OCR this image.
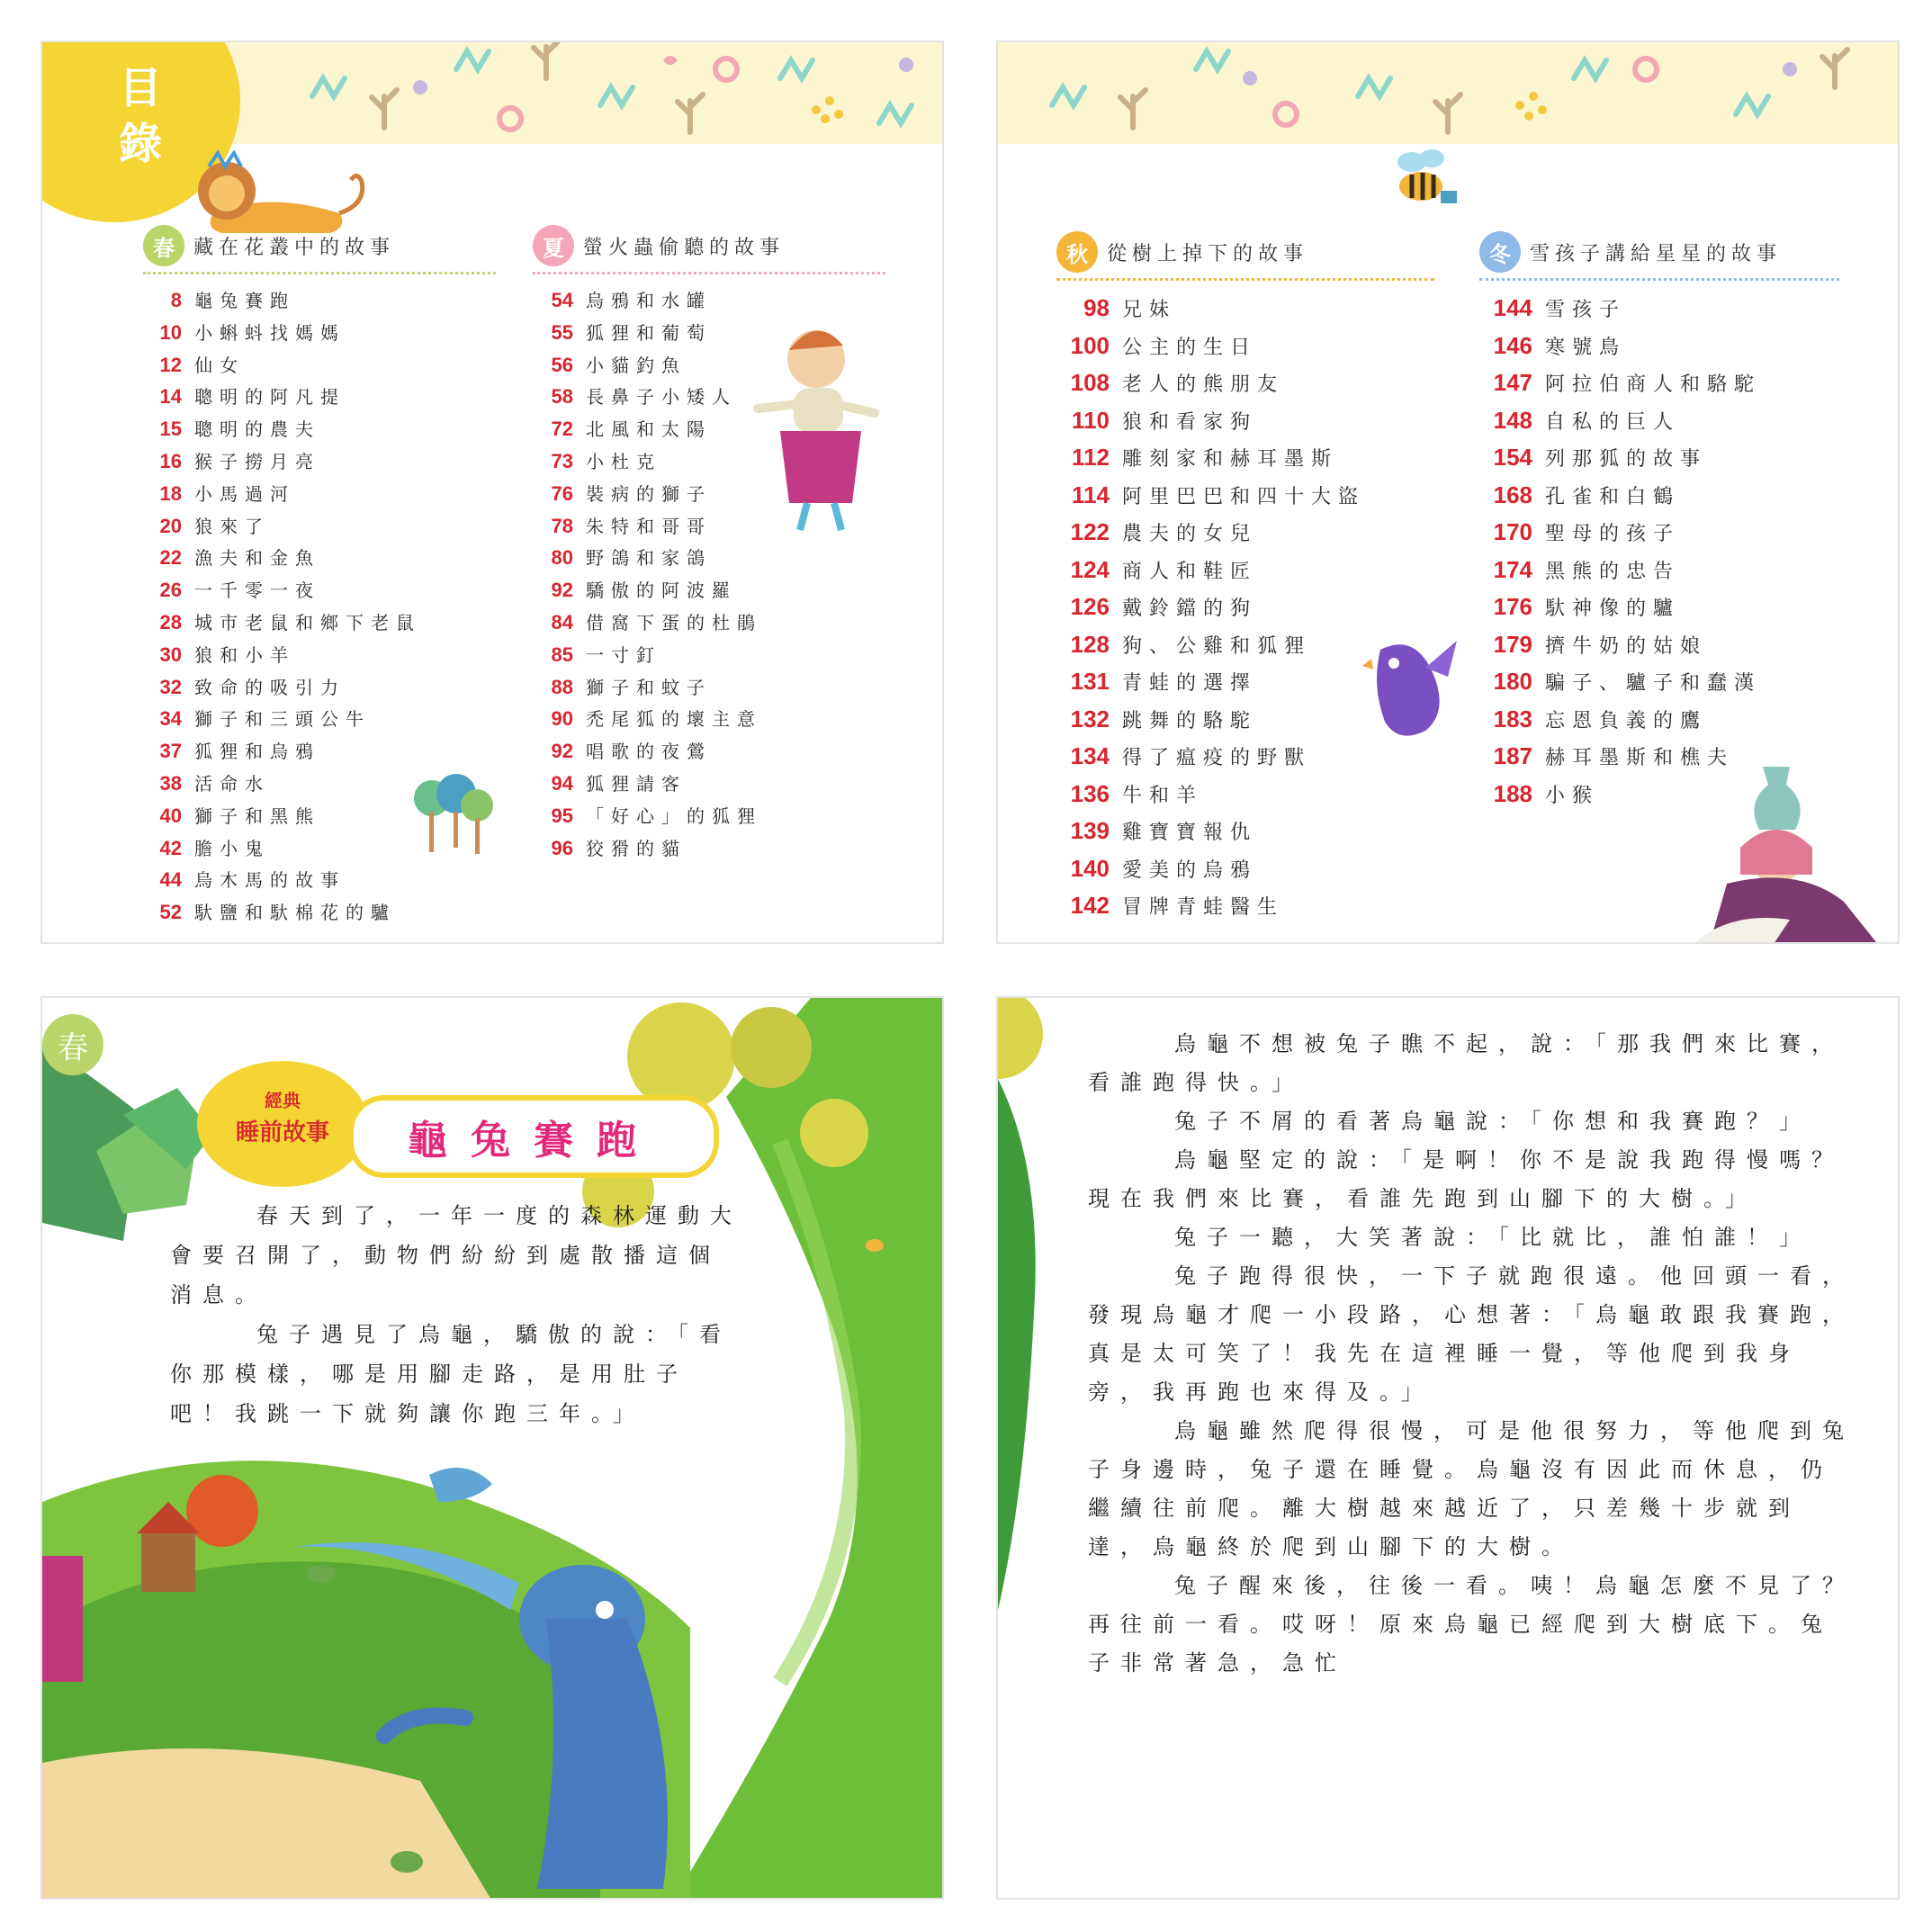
目錄
春 藏在花叢中的故事
8 龜兔賽跑
10 小蝌蚪找媽媽
12 仙女
14 聰明的阿凡提
15 聰明的農夫
16 猴子撈月亮
18 小馬過河
20 狼來了
22 漁夫和金魚
26 一千零一夜
28 城市老鼠和鄉下老鼠
30 狼和小羊
32 致命的吸引力
34 獅子和三頭公牛
37 狐狸和烏鴉
38 活命水
40 獅子和黑熊
42 膽小鬼
44 烏木馬的故事
52 馱鹽和馱棉花的驢
夏 螢火蟲偷聽的故事
54 烏鴉和水罐
55 狐狸和葡萄
56 小貓釣魚
58 長鼻子小矮人
72 北風和太陽
73 小杜克
76 裝病的獅子
78 朱特和哥哥
80 野鴿和家鴿
92 驕傲的阿波羅
84 借窩下蛋的杜鵑
85 一寸釘
88 獅子和蚊子
90 禿尾狐的壞主意
92 唱歌的夜鶯
94 狐狸請客
95 「好心」的狐狸
96 狡猾的貓
秋 從樹上掉下的故事
98 兄妹
100 公主的生日
108 老人的熊朋友
110 狼和看家狗
112 雕刻家和赫耳墨斯
114 阿里巴巴和四十大盜
122 農夫的女兒
124 商人和鞋匠
126 戴鈴鐺的狗
128 狗、公雞和狐狸
131 青蛙的選擇
132 跳舞的駱駝
134 得了瘟疫的野獸
136 牛和羊
139 雞寶寶報仇
140 愛美的烏鴉
142 冒牌青蛙醫生
冬 雪孩子講給星星的故事
144 雪孩子
146 寒號鳥
147 阿拉伯商人和駱駝
148 自私的巨人
154 列那狐的故事
168 孔雀和白鶴
170 聖母的孩子
174 黑熊的忠告
176 馱神像的驢
179 擠牛奶的姑娘
180 騙子、驢子和蠢漢
183 忘恩負義的鷹
187 赫耳墨斯和樵夫
188 小猴
春
經典
睡前故事 龜兔賽跑

春天到了，一年一度的森林運動大會要召開了，動物們紛紛到處散播這個消息。

兔子遇見了烏龜，驕傲的說：「看你那模樣，哪是用腳走路，是用肚子吧！我跳一下就夠讓你跑三年。」

烏龜不想被兔子瞧不起，說：「那我們來比賽，看誰跑得快。」

兔子不屑的看著烏龜說：「你想和我賽跑？」

烏龜堅定的說：「是啊！你不是說我跑得慢嗎？現在我們來比賽，看誰先跑到山腳下的大樹。」

兔子一聽，大笑著說：「比就比，誰怕誰！」

兔子跑得很快，一下子就跑很遠。他回頭一看，發現烏龜才爬一小段路，心想著：「烏龜敢跟我賽跑，真是太可笑了！我先在這裡睡一覺，等他爬到我身旁，我再跑也來得及。」

烏龜雖然爬得很慢，可是他很努力，等他爬到兔子身邊時，兔子還在睡覺。烏龜沒有因此而休息，仍繼續往前爬。離大樹越來越近了，只差幾十步就到達，烏龜終於爬到山腳下的大樹。

兔子醒來後，往後一看。咦！烏龜怎麼不見了？再往前一看。哎呀！原來烏龜已經爬到大樹底下。兔子非常著急，急忙
